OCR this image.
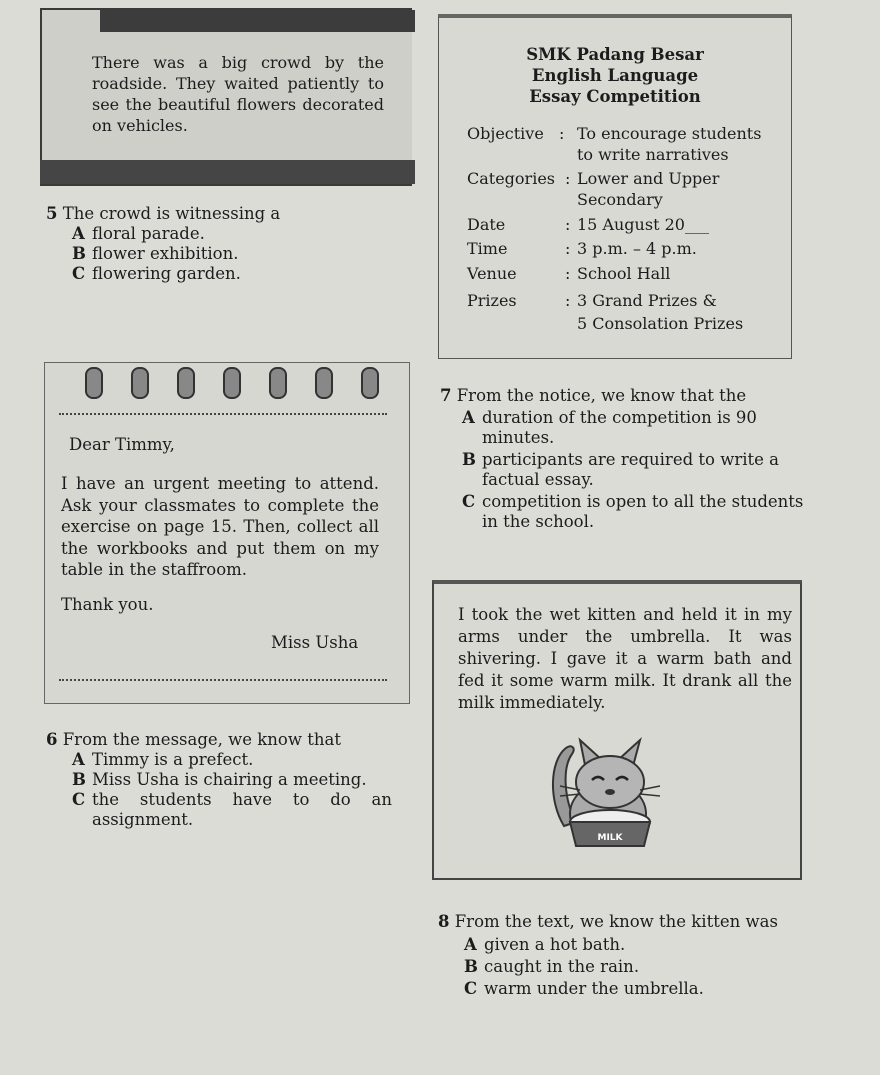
There was a big crowd by the roadside. They waited patiently to see the beautiful flowers decorated on vehicles.
5 The crowd is witnessing a
A floral parade.
B flower exhibition.
C flowering garden.
SMK Padang Besar
English Language
Essay Competition
Objective : To encourage students
to write narratives
Categories : Lower and Upper
Secondary
Date	: 15 August 20___
Time	: 3 p.m. – 4 p.m.
Venue	: School Hall
Prizes	: 3 Grand Prizes &
5 Consolation Prizes
7 From the notice, we know that the
A duration of the competition is 90
minutes.
B participants are required to write a
factual essay.
C competition is open to all the students
in the school.
Dear Timmy,
I have an urgent meeting to attend. Ask your classmates to complete the exercise on page 15. Then, collect all the workbooks and put them on my table in the staffroom.
Thank you.
Miss Usha
6 From the message, we know that
A Timmy is a prefect.
B Miss Usha is chairing a meeting.
C the students have to do an
assignment.
I took the wet kitten and held it in my arms under the umbrella. It was shivering. I gave it a warm bath and fed it some warm milk. It drank all the milk immediately.
MILK
8 From the text, we know the kitten was
A given a hot bath.
B caught in the rain.
C warm under the umbrella.
